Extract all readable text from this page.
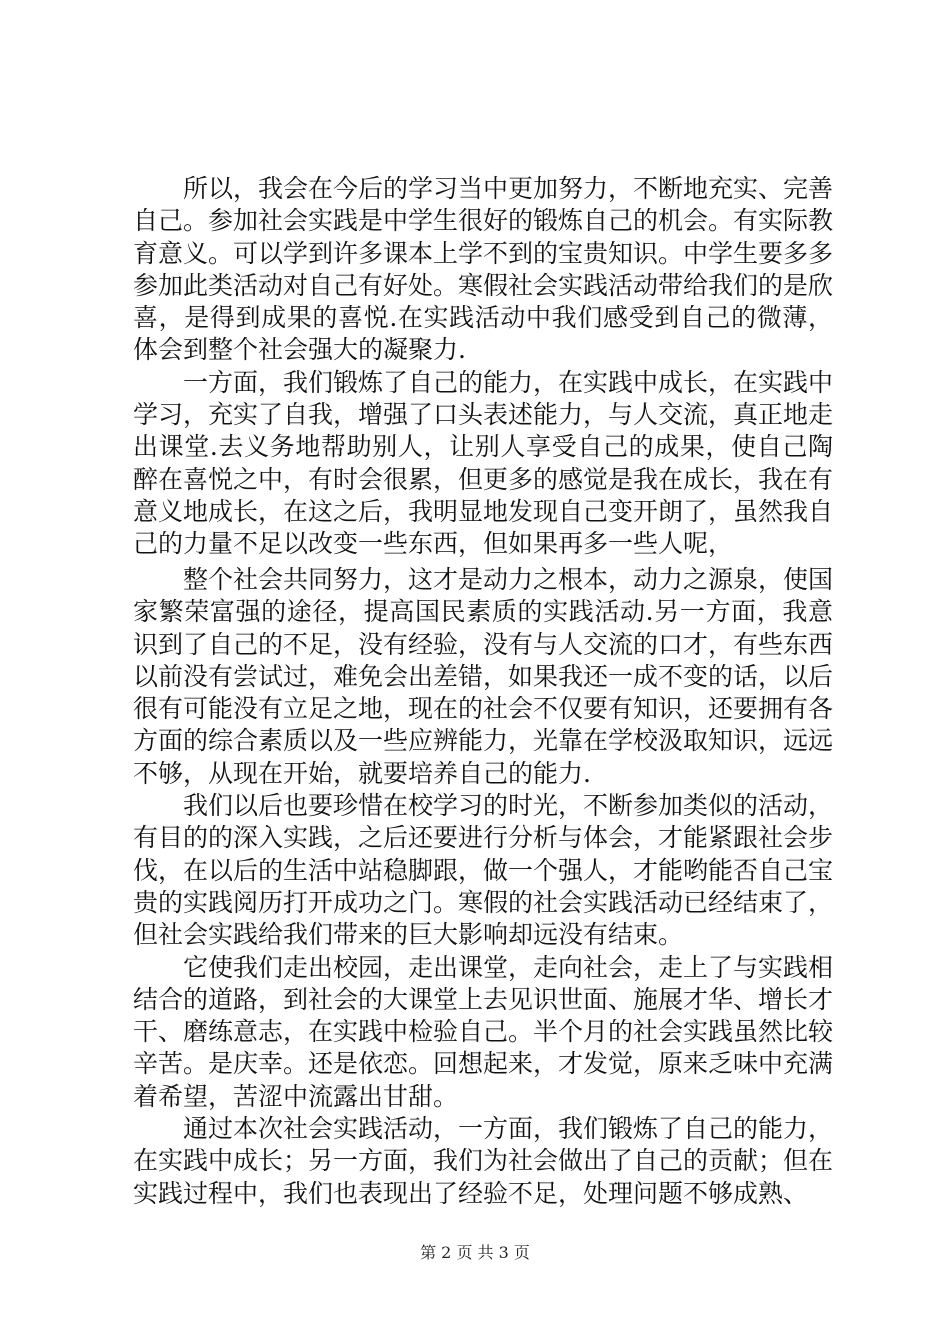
所以，我会在今后的学习当中更加努力，不断地充实、完善自己。参加社会实践是中学生很好的锻炼自己的机会。有实际教育意义。可以学到许多课本上学不到的宝贵知识。中学生要多多参加此类活动对自己有好处。寒假社会实践活动带给我们的是欣喜，是得到成果的喜悦.在实践活动中我们感受到自己的微薄，体会到整个社会强大的凝聚力.

一方面，我们锻炼了自己的能力，在实践中成长，在实践中学习，充实了自我，增强了口头表述能力，与人交流，真正地走出课堂.去义务地帮助别人，让别人享受自己的成果，使自己陶醉在喜悦之中，有时会很累，但更多的感觉是我在成长，我在有意义地成长，在这之后，我明显地发现自己变开朗了，虽然我自己的力量不足以改变一些东西，但如果再多一些人呢，

整个社会共同努力，这才是动力之根本，动力之源泉，使国家繁荣富强的途径，提高国民素质的实践活动.另一方面，我意识到了自己的不足，没有经验，没有与人交流的口才，有些东西以前没有尝试过，难免会出差错，如果我还一成不变的话，以后很有可能没有立足之地，现在的社会不仅要有知识，还要拥有各方面的综合素质以及一些应辨能力，光靠在学校汲取知识，远远不够，从现在开始，就要培养自己的能力.

我们以后也要珍惜在校学习的时光，不断参加类似的活动，有目的的深入实践，之后还要进行分析与体会，才能紧跟社会步伐，在以后的生活中站稳脚跟，做一个强人，才能哟能否自己宝贵的实践阅历打开成功之门。寒假的社会实践活动已经结束了，但社会实践给我们带来的巨大影响却远没有结束。

它使我们走出校园，走出课堂，走向社会，走上了与实践相结合的道路，到社会的大课堂上去见识世面、施展才华、增长才干、磨练意志，在实践中检验自己。半个月的社会实践虽然比较辛苦。是庆幸。还是依恋。回想起来，才发觉，原来乏味中充满着希望，苦涩中流露出甘甜。

通过本次社会实践活动，一方面，我们锻炼了自己的能力，在实践中成长；另一方面，我们为社会做出了自己的贡献；但在实践过程中，我们也表现出了经验不足，处理问题不够成熟、

第 2 页 共 3 页
